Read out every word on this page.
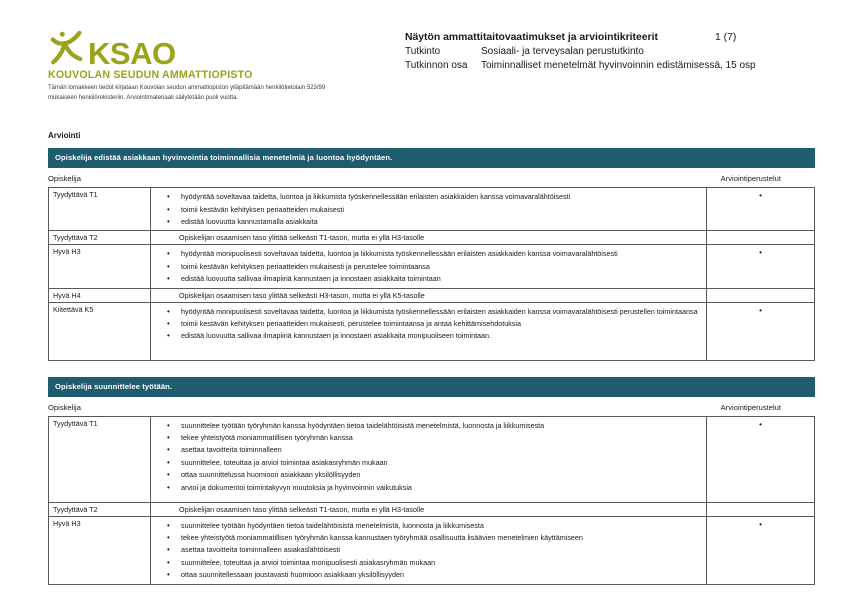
KSAO
KOUVOLAN SEUDUN AMMATTIOPISTO
Tämän lomakkeen tiedot kirjataan Kouvolan seudun ammattiopiston ylläpitämään henkilötietolain 523/99
mukaiseen henkilörekisteriin. Arviointimateriaali säilytetään puoli vuotta.
Näytön ammattitaitovaatimukset ja arviointikriteerit	1 (7)
Tutkinto	Sosiaali- ja terveysalan perustutkinto
Tutkinnon osa	Toiminnalliset menetelmät hyvinvoinnin edistämisessä, 15 osp
Arviointi
Opiskelija edistää asiakkaan hyvinvointia toiminnallisia menetelmiä ja luontoa hyödyntäen.
Opiskelija	Arviointiperustelut
Tyydyttävä T1	
•hyödyntää soveltavaa taidetta, luontoa ja liikkumista työskennellessään erilaisten asiakkaiden kanssa voimavaralähtöisesti
• toimii kestävän kehityksen periaatteiden mukaisesti
• edistää luovuutta kannustamalla asiakkaita
	•
Tyydyttävä T2	Opiskelijan osaamisen taso ylittää selkeästi T1-tason, mutta ei yllä H3-tasolle	
Hyvä H3	
•hyödyntää monipuolisesti soveltavaa taidetta, luontoa ja liikkumista työskennellessään erilaisten asiakkaiden kanssa voimavaralähtöisesti
• toimii kestävän kehityksen periaatteiden mukaisesti ja perustelee toimintaansa
• edistää luovuutta sallivaa ilmapiiriä kannustaen ja innostaen asiakkaita toimintaan
	•
Hyvä H4	Opiskelijan osaamisen taso ylittää selkeästi H3-tason, mutta ei yllä K5-tasolle	
Kiitettävä K5	
•hyödyntää monipuolisesti soveltavaa taidetta, luontoa ja liikkumista työskennellessään erilaisten asiakkaiden kanssa voimavaralähtöisesti perustellen toimintaansa
• toimii kestävän kehityksen periaatteiden mukaisesti, perustelee toimintaansa ja antaa kehittämisehdotuksia
• edistää luovuutta sallivaa ilmapiiriä kannustaen ja innostaen asiakkaita monipuoliseen toimintaan.
	•
Opiskelija suunnittelee työtään.
Opiskelija	Arviointiperustelut
Tyydyttävä T1	
•suunnittelee työtään työryhmän kanssa hyödyntäen tietoa taidelähtöisistä menetelmistä, luonnosta ja liikkumisesta
• tekee yhteistyötä moniammatillisen työryhmän kanssa
• asettaa tavoitteita toiminnalleen
• suunnittelee, toteuttaa ja arvioi toimintaa asiakasryhmän mukaan
• ottaa suunnittelussa huomioon asiakkaan yksilöllisyyden
• arvioi ja dokumentoi toimintakyvyn muutoksia ja hyvinvoinnin vaikutuksia
	•
Tyydyttävä T2	Opiskelijan osaamisen taso ylittää selkeästi T1-tason, mutta ei yllä H3-tasolle	
Hyvä H3	
•suunnittelee työtään hyödyntäen tietoa taidelähtöisistä menetelmistä, luonnosta ja liikkumisesta
• tekee yhteistyötä moniammatillisen työryhmän kanssa kannustaen työryhmää osallisuutta lisäävien menetelmien käyttämiseen
• asettaa tavoitteita toiminnalleen asiakaslähtöisesti
• suunnittelee, toteuttaa ja arvioi toimintaa monipuolisesti asiakasryhmän mukaan
• ottaa suunnitellessaan joustavasti huomioon asiakkaan yksilöllisyyden
	•
